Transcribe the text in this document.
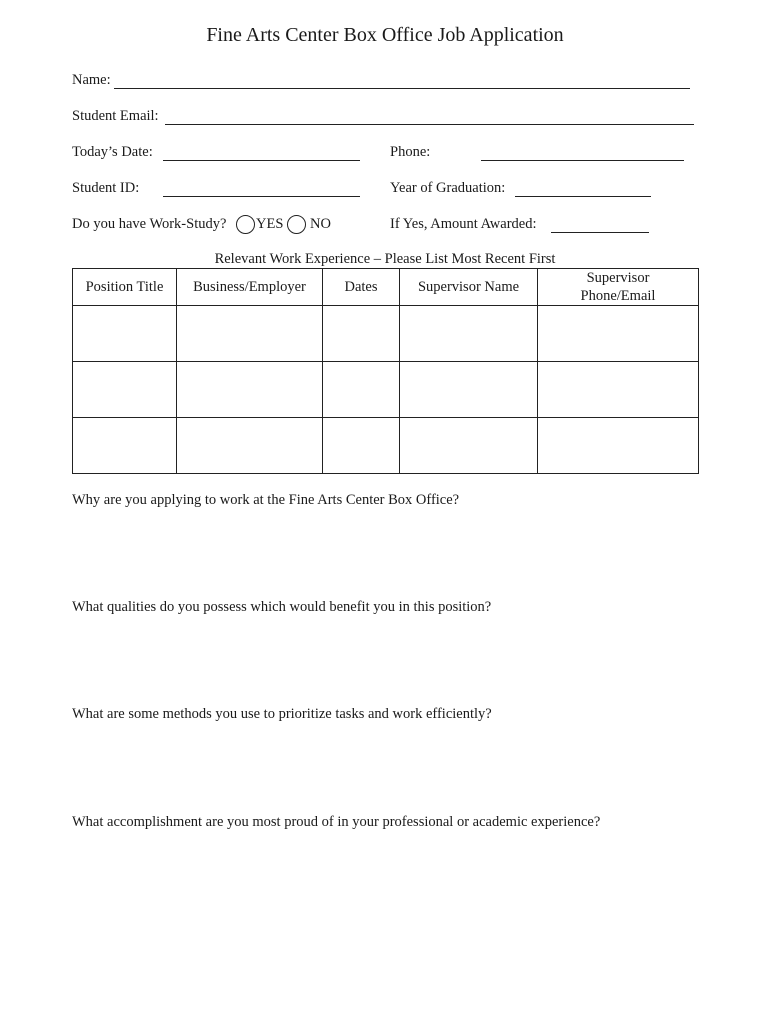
Fine Arts Center Box Office Job Application
Name:
Student Email:
Today’s Date:	Phone:
Student ID:	Year of Graduation:
Do you have Work-Study? YES NO	If Yes, Amount Awarded:
Relevant Work Experience – Please List Most Recent First
Position Title	Business/Employer	Dates	Supervisor Name	Supervisor Phone/Email

Why are you applying to work at the Fine Arts Center Box Office?
What qualities do you possess which would benefit you in this position?
What are some methods you use to prioritize tasks and work efficiently?
What accomplishment are you most proud of in your professional or academic experience?
